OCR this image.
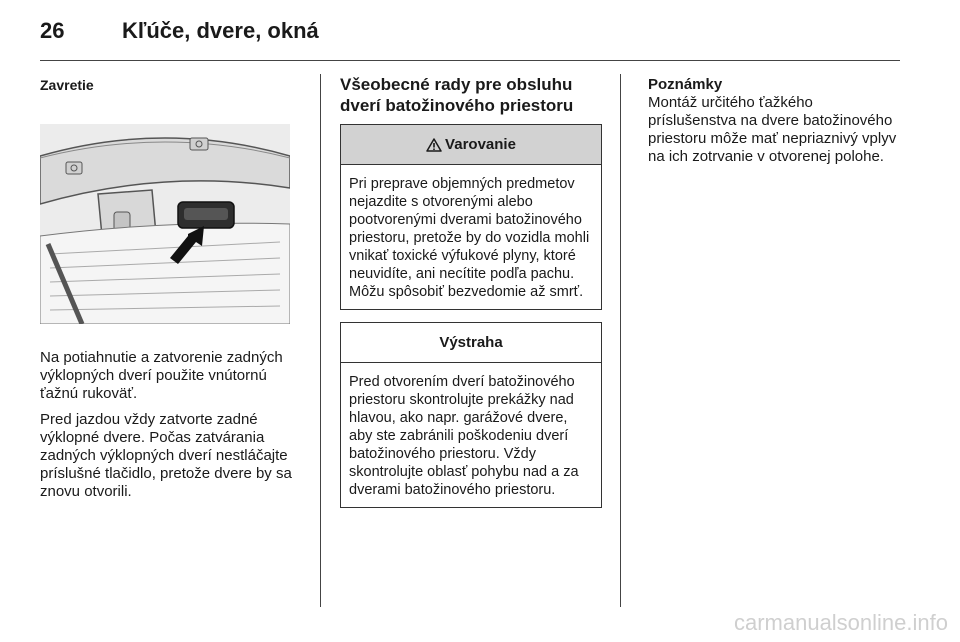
26	Kľúče, dvere, okná
Zavretie

Na potiahnutie a zatvorenie zadných výklopných dverí použite vnútornú ťažnú rukoväť.

Pred jazdou vždy zatvorte zadné výklopné dvere. Počas zatvárania zadných výklopných dverí nestláčajte príslušné tlačidlo, pretože dvere by sa znovu otvorili.

Všeobecné rady pre obsluhu dverí batožinového priestoru
Varovanie
Pri preprave objemných predmetov nejazdite s otvorenými alebo pootvorenými dverami batožinového priestoru, pretože by do vozidla mohli vnikať toxické výfukové plyny, ktoré neuvidíte, ani necítite podľa pachu. Môžu spôsobiť bezvedomie až smrť.
Výstraha
Pred otvorením dverí batožinového priestoru skontrolujte prekážky nad hlavou, ako napr. garážové dvere, aby ste zabránili poškodeniu dverí batožinového priestoru. Vždy skontrolujte oblasť pohybu nad a za dverami batožinového priestoru.
Poznámky
Montáž určitého ťažkého príslušenstva na dvere batožinového priestoru môže mať nepriaznivý vplyv na ich zotrvanie v otvorenej polohe.
carmanualsonline.info
